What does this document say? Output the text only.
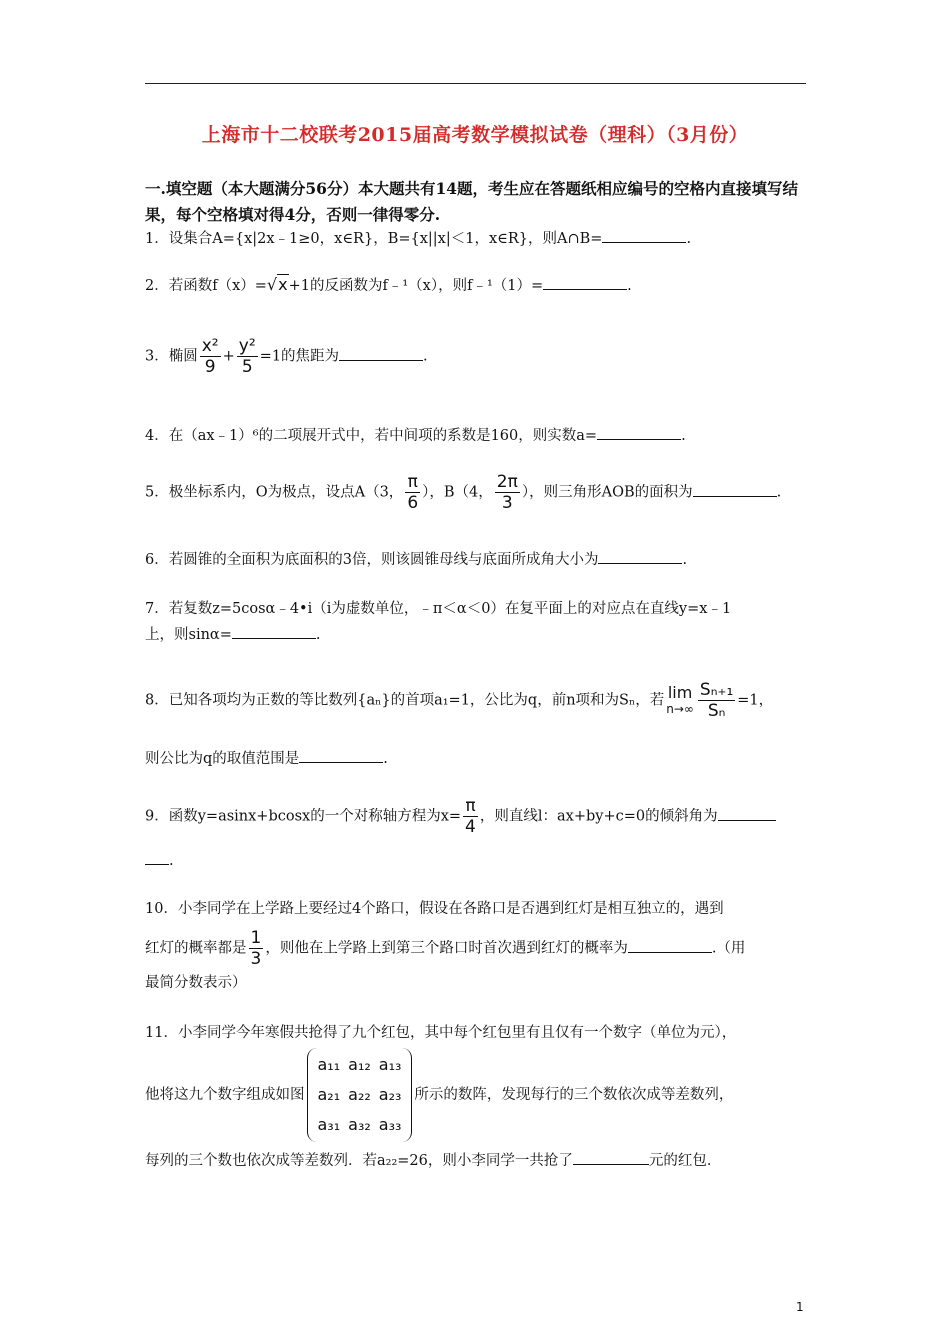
上海市十二校联考2015届高考数学模拟试卷（理科）（3月份）
一.填空题（本大题满分56分）本大题共有14题，考生应在答题纸相应编号的空格内直接填写结果，每个空格填对得4分，否则一律得零分.
1．设集合A={x|2x﹣1≥0，x∈R}，B={x||x|＜1，x∈R}，则A∩B=	.
2．若函数f（x）=√x+1的反函数为f﹣¹（x），则f﹣¹（1）=	.
3．椭圆 $\frac{\text{x²}}{9} + \frac{\text{y²}}{5} =1$的焦距为	.
4．在（ax﹣1）⁶的二项展开式中，若中间项的系数是160，则实数a=	.
5．极坐标系内，O为极点，设点A（3， $\frac{\pi}{6}$ ），B（4， $\frac{2\pi}{3}$ ），则三角形AOB的面积为	.
6．若圆锥的全面积为底面积的3倍，则该圆锥母线与底面所成角大小为	.
7．若复数z=5cosα﹣4•i（i为虚数单位，﹣π＜α＜0）在复平面上的对应点在直线y=x﹣1
上，则sinα=	.
8．已知各项均为正数的等比数列{aₙ}的首项a₁=1，公比为q，前n项和为Sₙ，若 lim
$n\to\infty \frac{\text{Sₙ₊₁}}{\text{Sₙ}} =1$，
则公比为q的取值范围是	.
9．函数y=asinx+bcosx的一个对称轴方程为$x= \frac{\pi}{4}$ ，则直线l：ax+by+c=0的倾斜角为
.
10．小李同学在上学路上要经过4个路口，假设在各路口是否遇到红灯是相互独立的，遇到
红灯的概率都是 $\frac{1}{3}$ ，则他在上学路上到第三个路口时首次遇到红灯的概率为	.（用
最简分数表示）
11．小李同学今年寒假共抢得了九个红包，其中每个红包里有且仅有一个数字（单位为元），
他将这九个数字组成如图a₁₁ a₁₂ a₁₃
a₂₁ a₂₂ a₂₃
a₃₁ a₃₂ a₃₃所示的数阵，发现每行的三个数依次成等差数列，
每列的三个数也依次成等差数列．若a₂₂=26，则小李同学一共抢了	元的红包．
1
